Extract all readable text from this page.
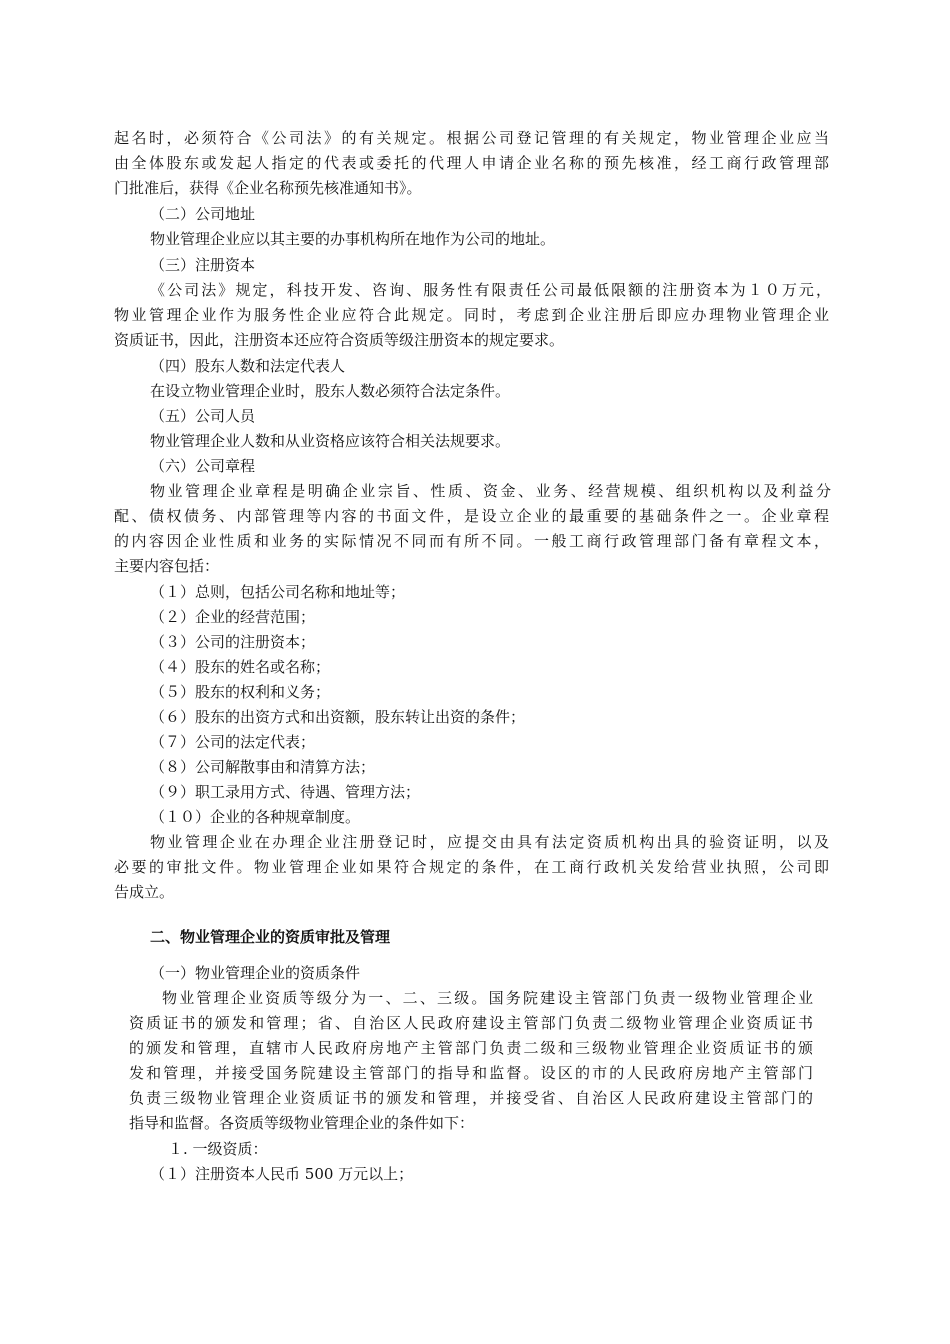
起名时，必须符合《公司法》的有关规定。根据公司登记管理的有关规定，物业管理企业应当

由全体股东或发起人指定的代表或委托的代理人申请企业名称的预先核准，经工商行政管理部

门批准后，获得《企业名称预先核准通知书》。

（二）公司地址

物业管理企业应以其主要的办事机构所在地作为公司的地址。

（三）注册资本

《公司法》规定，科技开发、咨询、服务性有限责任公司最低限额的注册资本为１０万元，

物业管理企业作为服务性企业应符合此规定。同时，考虑到企业注册后即应办理物业管理企业

资质证书，因此，注册资本还应符合资质等级注册资本的规定要求。

（四）股东人数和法定代表人

在设立物业管理企业时，股东人数必须符合法定条件。

（五）公司人员

物业管理企业人数和从业资格应该符合相关法规要求。

（六）公司章程

物业管理企业章程是明确企业宗旨、性质、资金、业务、经营规模、组织机构以及利益分

配、债权债务、内部管理等内容的书面文件，是设立企业的最重要的基础条件之一。企业章程

的内容因企业性质和业务的实际情况不同而有所不同。一般工商行政管理部门备有章程文本，

主要内容包括：

（１）总则，包括公司名称和地址等；

（２）企业的经营范围；

（３）公司的注册资本；

（４）股东的姓名或名称；

（５）股东的权利和义务；

（６）股东的出资方式和出资额，股东转让出资的条件；

（７）公司的法定代表；

（８）公司解散事由和清算方法；

（９）职工录用方式、待遇、管理方法；

（１０）企业的各种规章制度。

物业管理企业在办理企业注册登记时，应提交由具有法定资质机构出具的验资证明，以及

必要的审批文件。物业管理企业如果符合规定的条件，在工商行政机关发给营业执照，公司即

告成立。

二、物业管理企业的资质审批及管理

（一）物业管理企业的资质条件

物业管理企业资质等级分为一、二、三级。国务院建设主管部门负责一级物业管理企业

资质证书的颁发和管理；省、自治区人民政府建设主管部门负责二级物业管理企业资质证书

的颁发和管理，直辖市人民政府房地产主管部门负责二级和三级物业管理企业资质证书的颁

发和管理，并接受国务院建设主管部门的指导和监督。设区的市的人民政府房地产主管部门

负责三级物业管理企业资质证书的颁发和管理，并接受省、自治区人民政府建设主管部门的

指导和监督。各资质等级物业管理企业的条件如下：

１. 一级资质：

（１）注册资本人民币 500 万元以上；
